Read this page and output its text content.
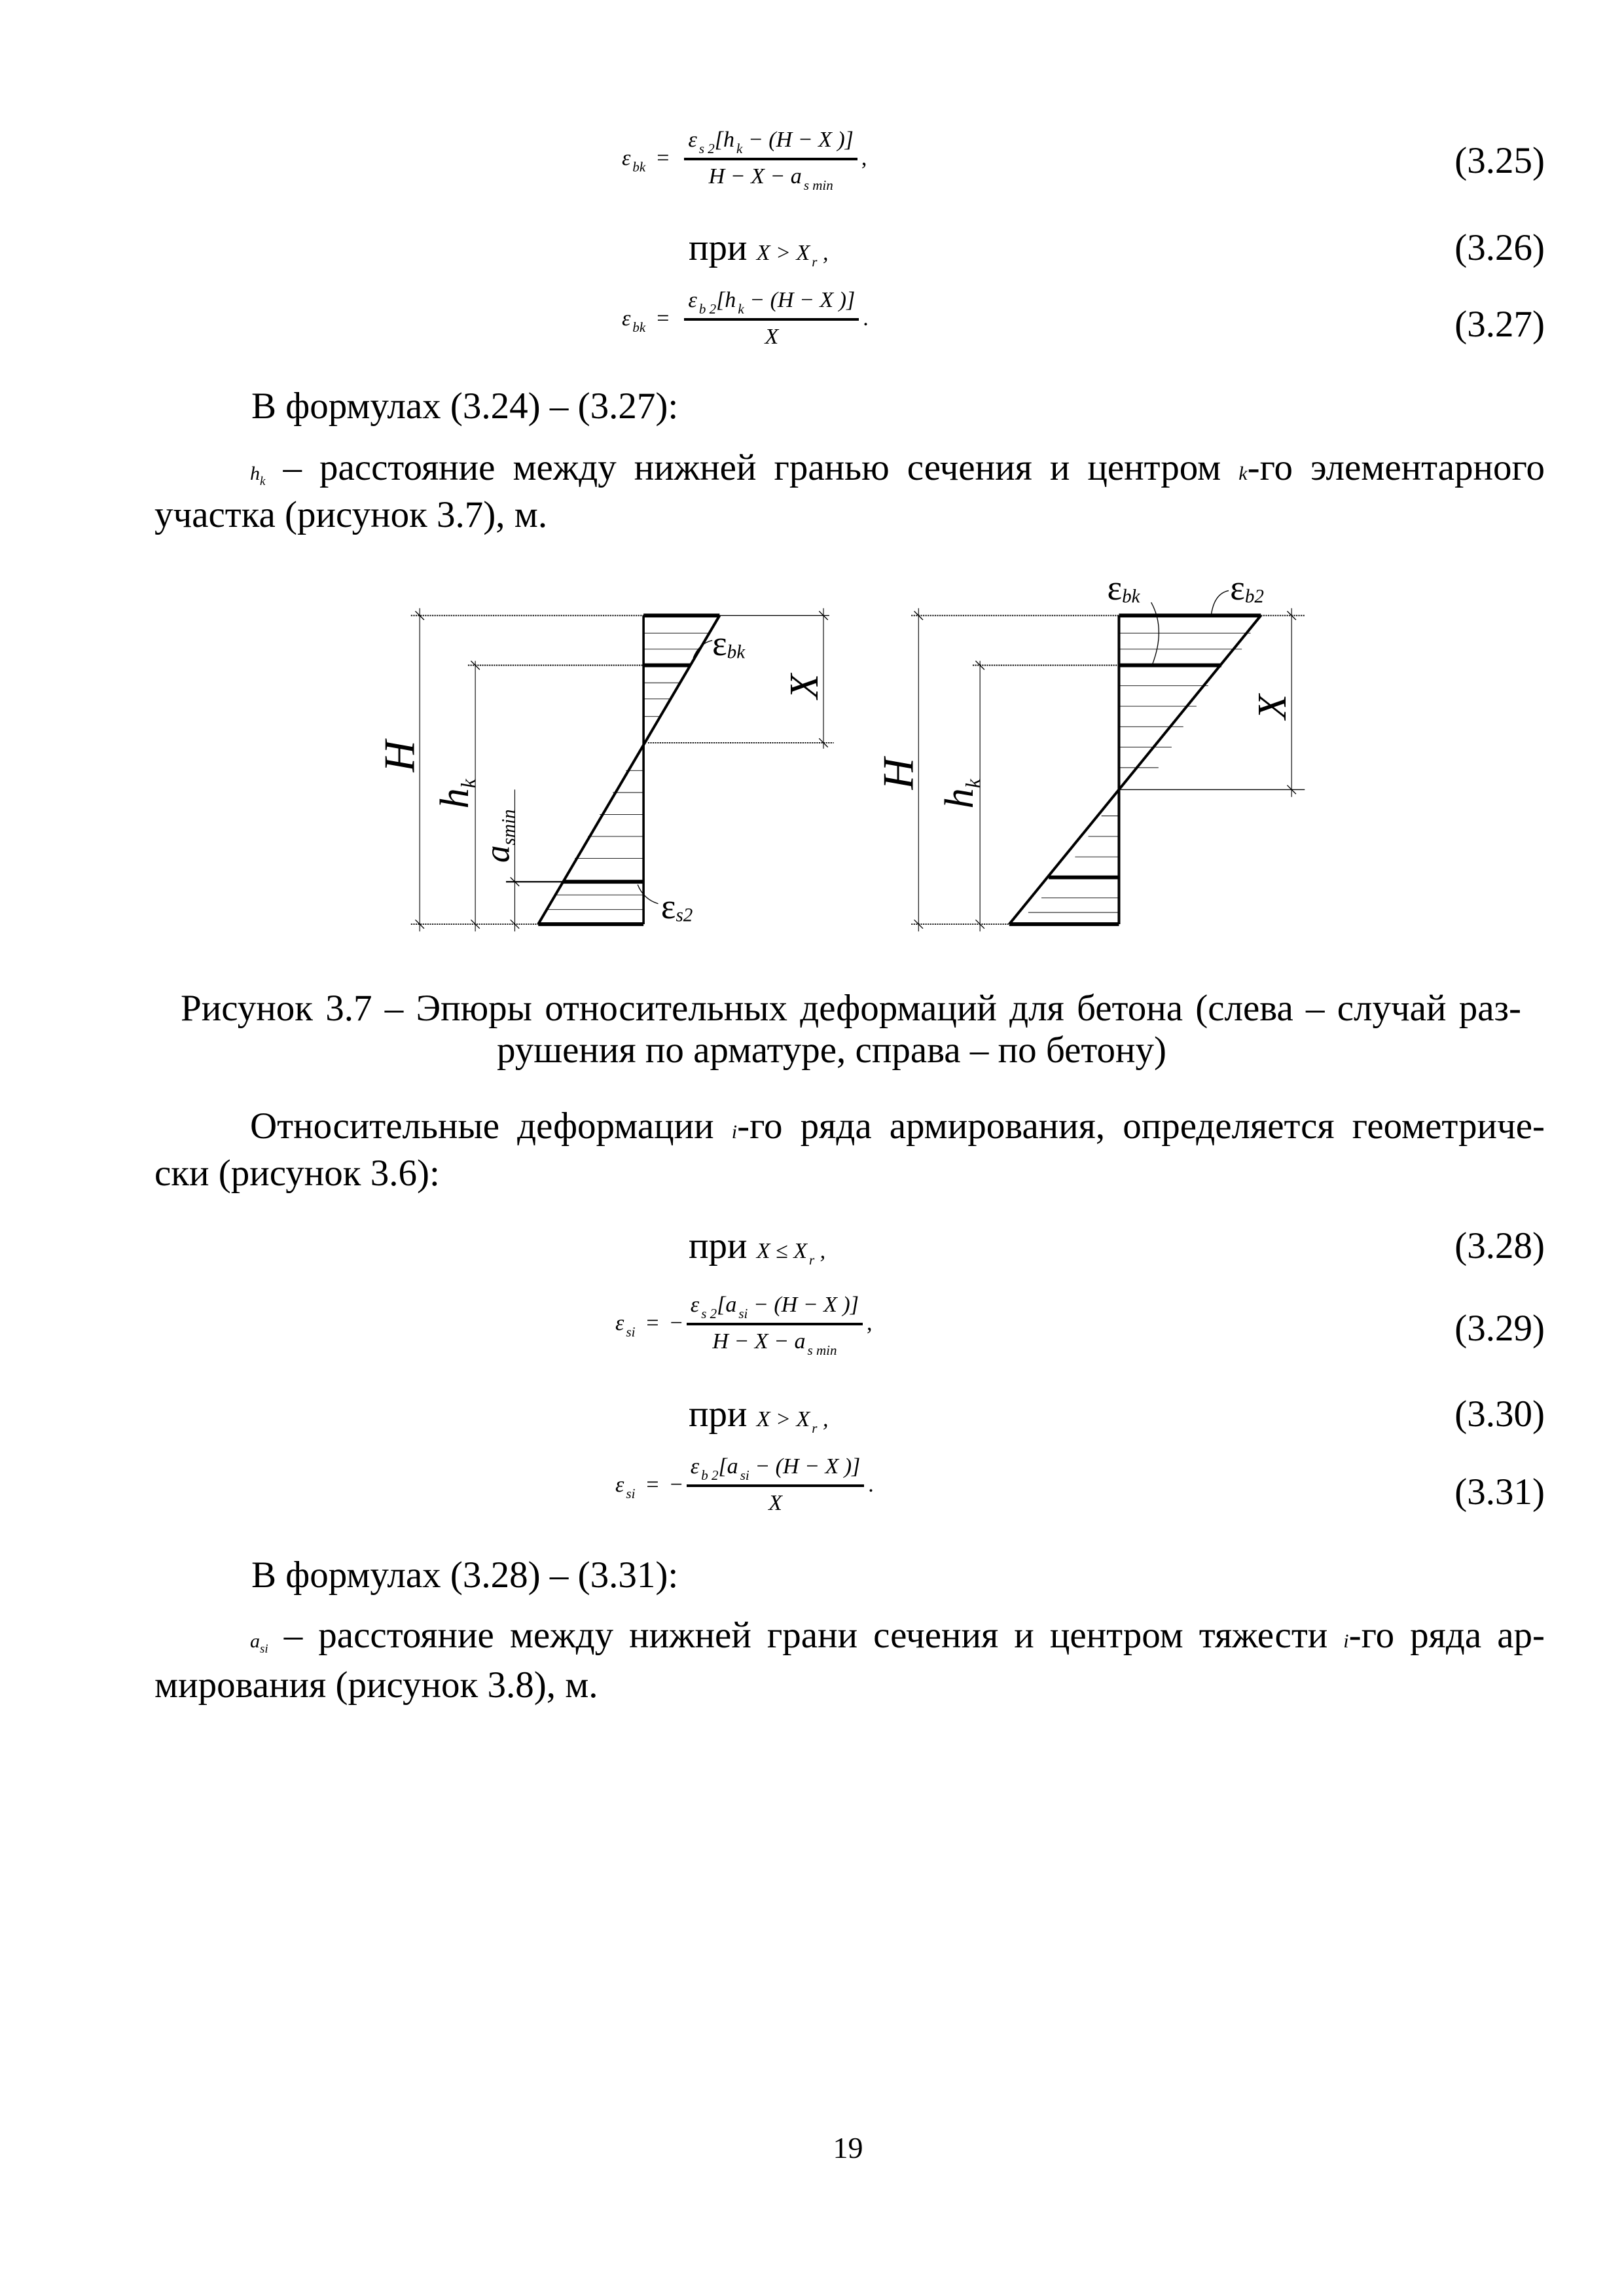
ε $_{bk}$  =  $\frac{\varepsilon _{s 2}[h _k - (H - X )]}{H - X - a _{s min}}$ ,	(3.25)
при X > X r ,	(3.26)
ε $_{bk}$  =  $\frac{\varepsilon _{b 2}[h _k - (H - X )]}{X}$ .	(3.27)
В формулах (3.24) – (3.27):
hk – расстояние между нижней гранью сечения и центром k-го элементарного
участка (рисунок 3.7), м.
H
hk
asmin
X
εbk
εs2
H
hk
X
εbk	εb2
Рисунок 3.7 – Эпюры относительных деформаций для бетона (слева – случай раз-
рушения по арматуре, справа – по бетону)
Относительные деформации i-го ряда армирования, определяется геометриче-
ски (рисунок 3.6):
при X ≤ X r ,	(3.28)
ε $_{si}$  =  − $\frac{\varepsilon _{s 2}[a _{si} - (H - X )]}{H - X - a _{s min}}$ ,	(3.29)
при X > X r ,	(3.30)
ε $_{si}$  =  − $\frac{\varepsilon _{b 2}[a _{si} - (H - X )]}{X}$ .	(3.31)
В формулах (3.28) – (3.31):
asi – расстояние между нижней грани сечения и центром тяжести i-го ряда ар-
мирования (рисунок 3.8), м.
19
